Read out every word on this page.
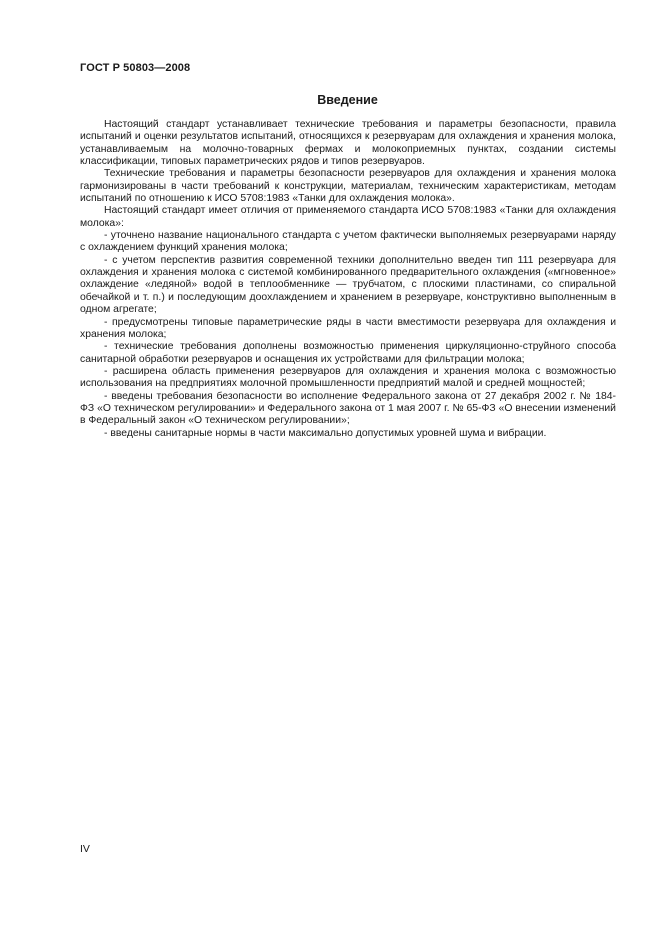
ГОСТ Р 50803—2008
Введение

Настоящий стандарт устанавливает технические требования и параметры безопасности, правила испытаний и оценки результатов испытаний, относящихся к резервуарам для охлаждения и хранения молока, устанавливаемым на молочно-товарных фермах и молокоприемных пунктах, создании системы классификации, типовых параметрических рядов и типов резервуаров.

Технические требования и параметры безопасности резервуаров для охлаждения и хранения молока гармонизированы в части требований к конструкции, материалам, техническим характеристикам, методам испытаний по отношению к ИСО 5708:1983 «Танки для охлаждения молока».

Настоящий стандарт имеет отличия от применяемого стандарта ИСО 5708:1983 «Танки для охлаждения молока»:

- уточнено название национального стандарта с учетом фактически выполняемых резервуарами наряду с охлаждением функций хранения молока;

- с учетом перспектив развития современной техники дополнительно введен тип 111 резервуара для охлаждения и хранения молока с системой комбинированного предварительного охлаждения («мгновенное» охлаждение «ледяной» водой в теплообменнике — трубчатом, с плоскими пластинами, со спиральной обечайкой и т. п.) и последующим доохлаждением и хранением в резервуаре, конструктивно выполненным в одном агрегате;

- предусмотрены типовые параметрические ряды в части вместимости резервуара для охлаждения и хранения молока;

- технические требования дополнены возможностью применения циркуляционно-струйного способа санитарной обработки резервуаров и оснащения их устройствами для фильтрации молока;

- расширена область применения резервуаров для охлаждения и хранения молока с возможностью использования на предприятиях молочной промышленности предприятий малой и средней мощностей;

- введены требования безопасности во исполнение Федерального закона от 27 декабря 2002 г. № 184-ФЗ «О техническом регулировании» и Федерального закона от 1 мая 2007 г. № 65-ФЗ «О внесении изменений в Федеральный закон «О техническом регулировании»;

- введены санитарные нормы в части максимально допустимых уровней шума и вибрации.

IV
